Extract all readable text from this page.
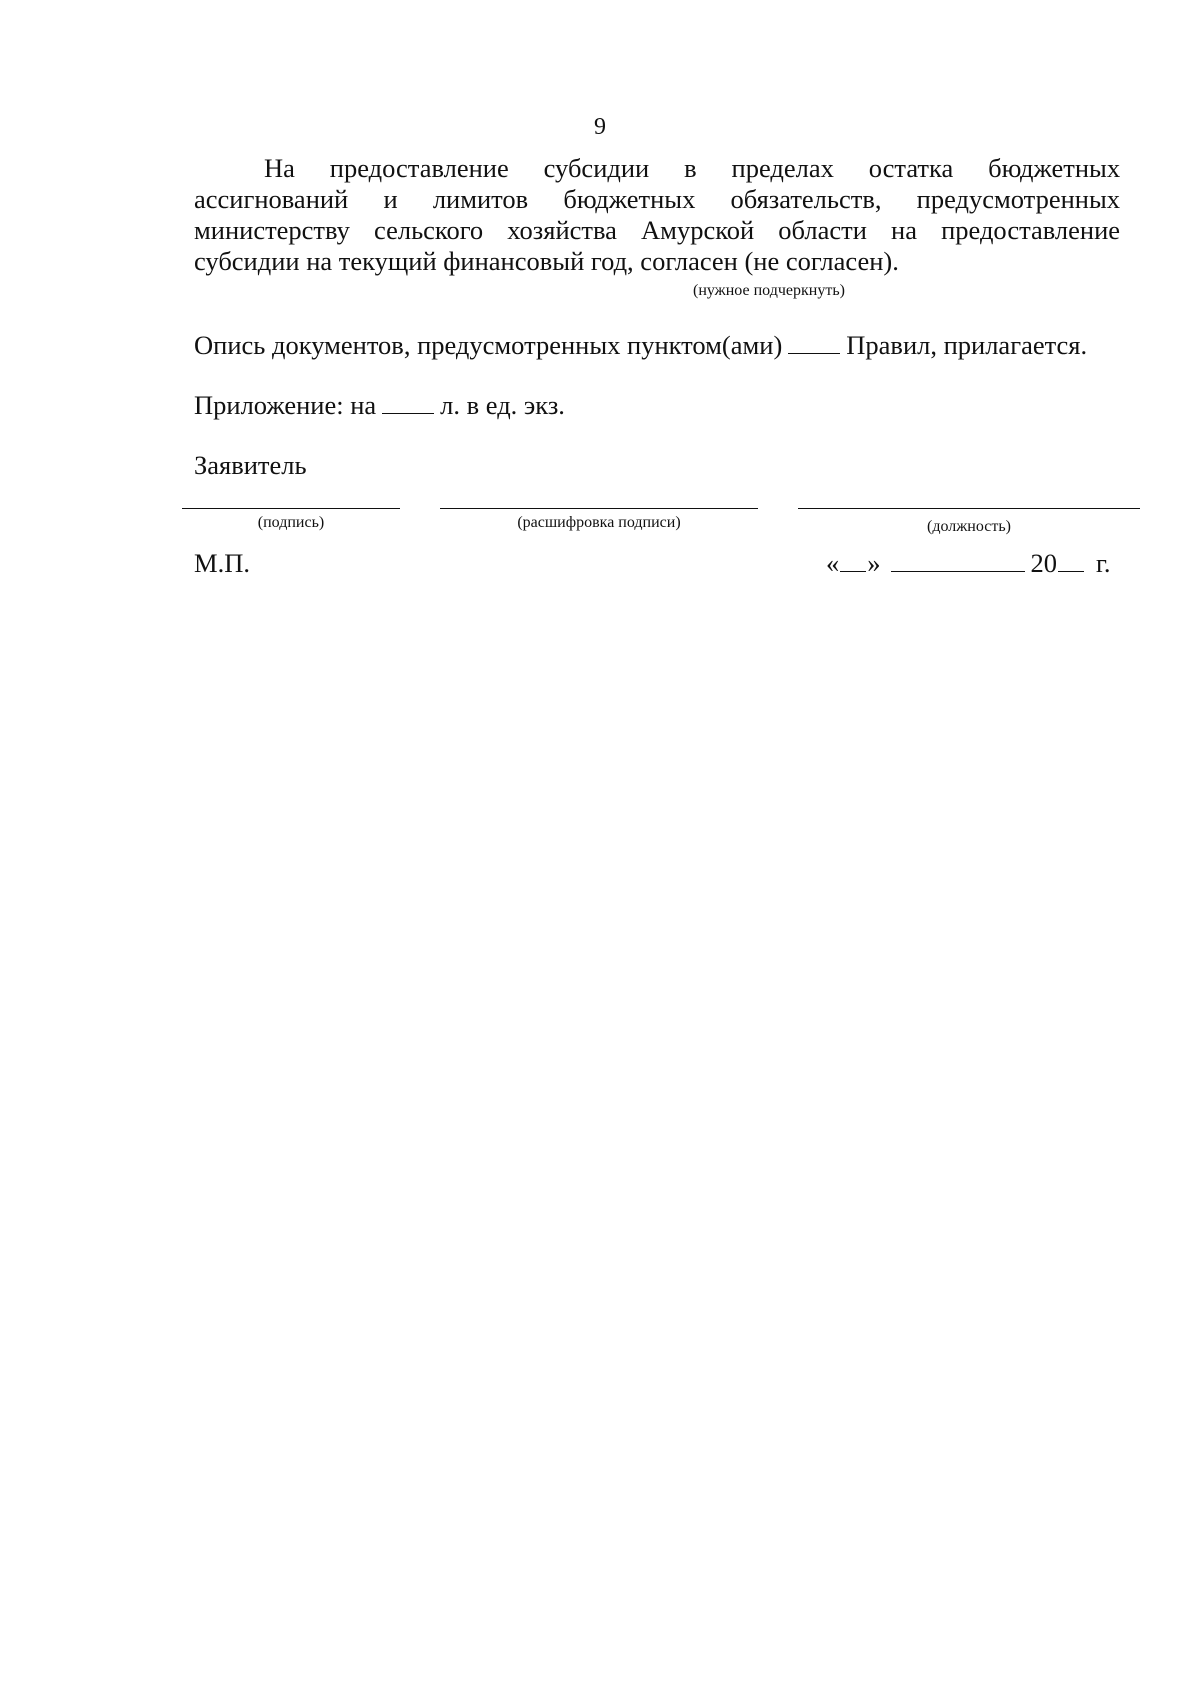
9
На предоставление субсидии в пределах остатка бюджетных
ассигнований и лимитов бюджетных обязательств, предусмотренных
министерству сельского хозяйства Амурской области на предоставление
субсидии на текущий финансовый год, согласен (не согласен).
(нужное подчеркнуть)
Опись документов, предусмотренных пунктом(ами) Правил, прилагается.
Приложение: на л. в ед. экз.
Заявитель
(подпись)	(расшифровка подписи)	(должность)
М.П.	« »	20 г.
